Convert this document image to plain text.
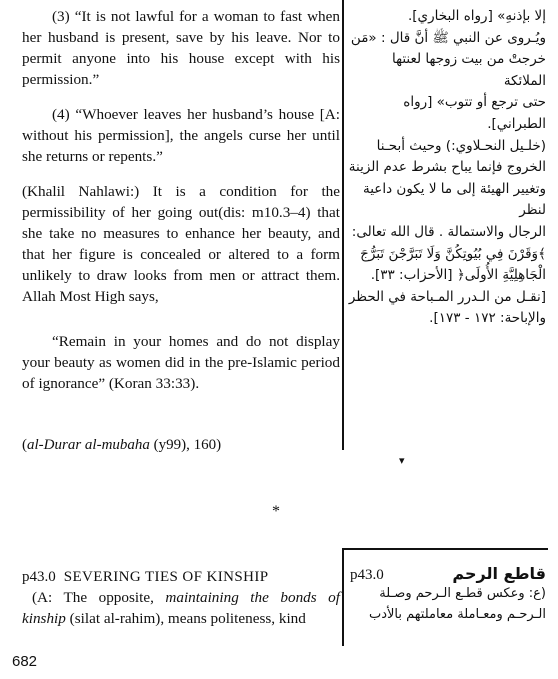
(3) “It is not lawful for a woman to fast when her husband is present, save by his leave. Nor to permit anyone into his house except with his permission.”

(4) “Whoever leaves her husband’s house [A: without his permission], the angels curse her until she returns or repents.”

(Khalil Nahlawi:) It is a condition for the permissibility of her going out(dis: m10.3–4) that she take no measures to enhance her beauty, and that her figure is concealed or altered to a form unlikely to draw looks from men or attract them. Allah Most High says,

“Remain in your homes and do not display your beauty as women did in the pre-Islamic period of ignorance” (Koran 33:33).

(al-Durar al-mubaha (y99), 160)

إلا بإذنهِ» [رواه البخاري].

ويُـروى عن النبي ﷺ أنَّ قال : «مَن

خرجتْ من بيت زوجها لعنتها الملائكة

حتى ترجع أو تتوب» [رواه الطبراني].

(خلـيل النحـلاوي:) وحيث أبحـنا

الخروج فإنما يباح بشرط عدم الزينة

وتغيير الهيئة إلى ما لا يكون داعية لنظر

الرجال والاستمالة . قال الله تعالى:

﴾وَقَرْنَ فِي بُيُوتِكُنَّ وَلَا تَبَرَّجْنَ تَبَرُّجَ

الْجَاهِلِيَّةِ الأُولَى﴿ [الأحزاب: ٣٣].

[نقـل من الـدرر المـباحة في الحظر

والإباحة: ١٧٢ - ١٧٣].

▾
*

p43.0 SEVERING TIES OF KINSHIP

(A: The opposite, maintaining the bonds of kinship (silat al-rahim), means politeness, kind

قاطع الرحم
p43.0

(ع: وعكس قطـع الـرحم وصـلة

الـرحـم ومعـاملة معاملتهم بالأدب

682
